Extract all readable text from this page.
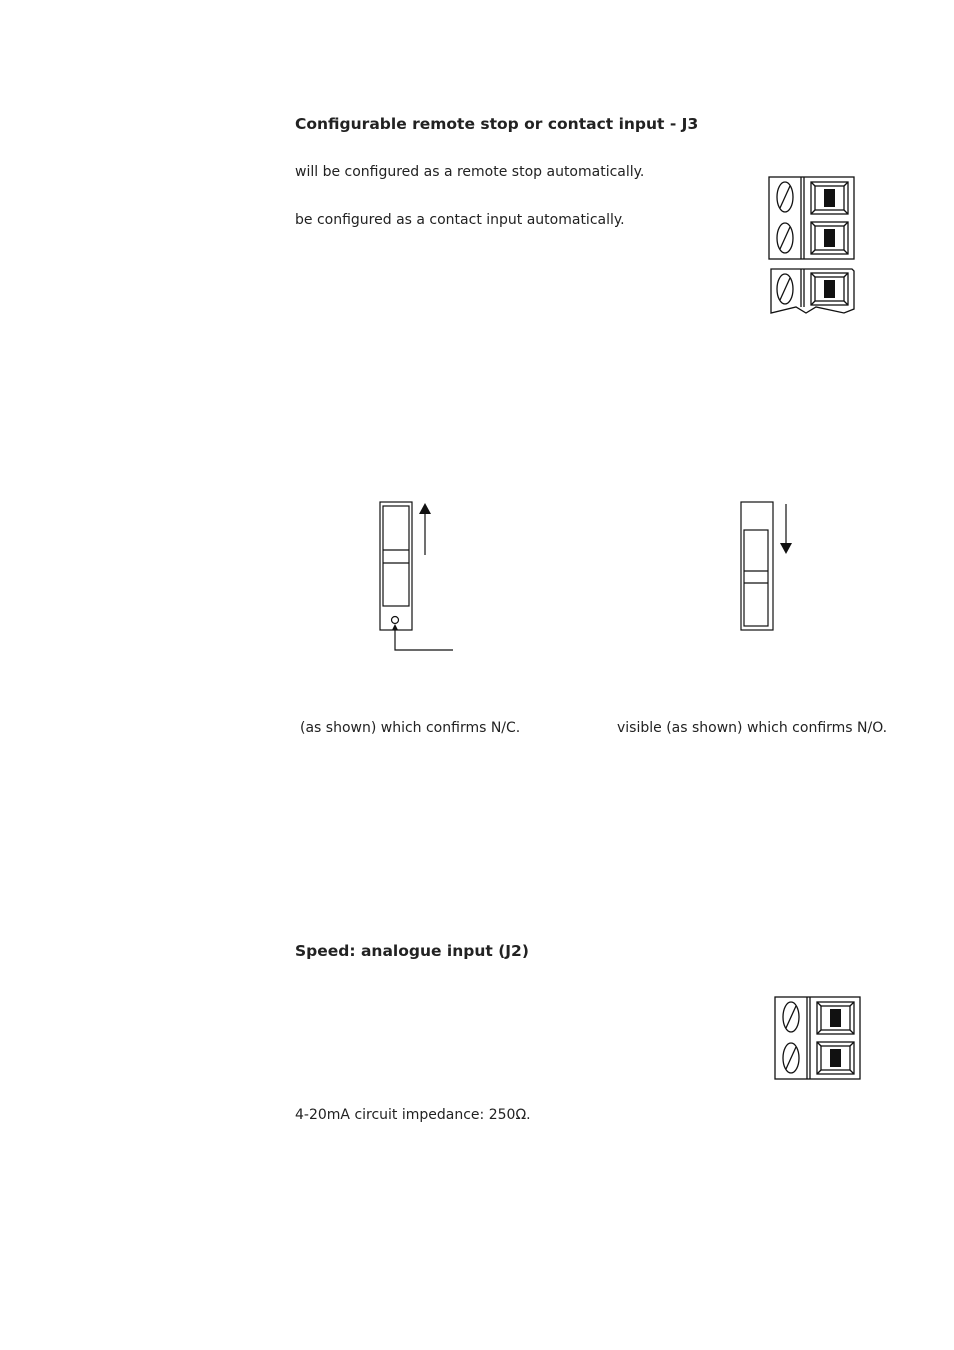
Configurable remote stop or contact input - J3
will be configured as a remote stop automatically.
be configured as a contact input automatically.
(as shown) which confirms N/C.	visible (as shown) which confirms N/O.
Speed: analogue input (J2)
4-20mA circuit impedance: 250Ω.
